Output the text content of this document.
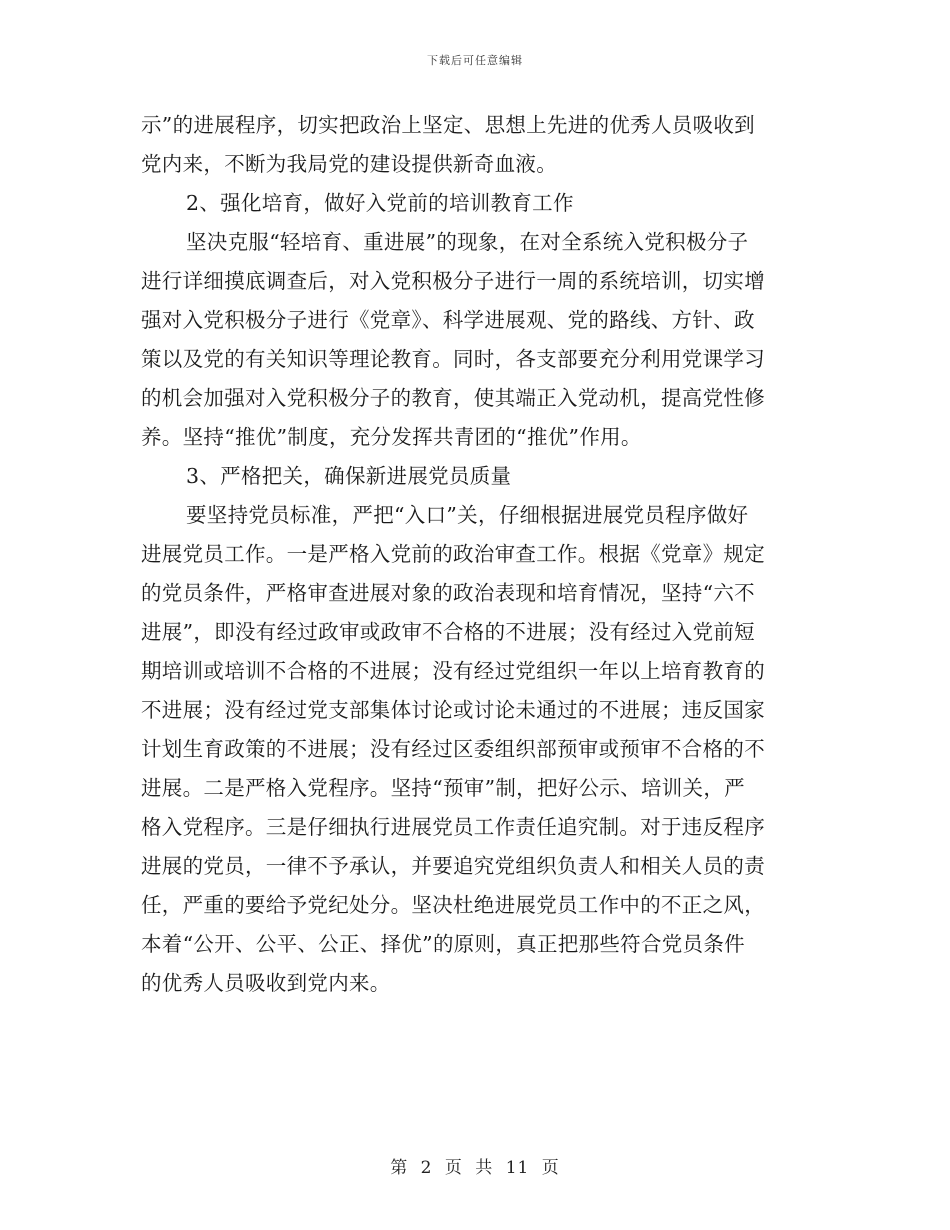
下载后可任意编辑
示”的进展程序，切实把政治上坚定、思想上先进的优秀人员吸收到
党内来，不断为我局党的建设提供新奇血液。
2、强化培育，做好入党前的培训教育工作
坚决克服“轻培育、重进展”的现象，在对全系统入党积极分子
进行详细摸底调查后，对入党积极分子进行一周的系统培训，切实增
强对入党积极分子进行《党章》、科学进展观、党的路线、方针、政
策以及党的有关知识等理论教育。同时，各支部要充分利用党课学习
的机会加强对入党积极分子的教育，使其端正入党动机，提高党性修
养。坚持“推优”制度，充分发挥共青团的“推优”作用。
3、严格把关，确保新进展党员质量
要坚持党员标准，严把“入口”关，仔细根据进展党员程序做好
进展党员工作。一是严格入党前的政治审查工作。根据《党章》规定
的党员条件，严格审查进展对象的政治表现和培育情况，坚持“六不
进展”，即没有经过政审或政审不合格的不进展；没有经过入党前短
期培训或培训不合格的不进展；没有经过党组织一年以上培育教育的
不进展；没有经过党支部集体讨论或讨论未通过的不进展；违反国家
计划生育政策的不进展；没有经过区委组织部预审或预审不合格的不
进展。二是严格入党程序。坚持“预审”制，把好公示、培训关，严
格入党程序。三是仔细执行进展党员工作责任追究制。对于违反程序
进展的党员，一律不予承认，并要追究党组织负责人和相关人员的责
任，严重的要给予党纪处分。坚决杜绝进展党员工作中的不正之风，
本着“公开、公平、公正、择优”的原则，真正把那些符合党员条件
的优秀人员吸收到党内来。
第 2 页 共 11 页
